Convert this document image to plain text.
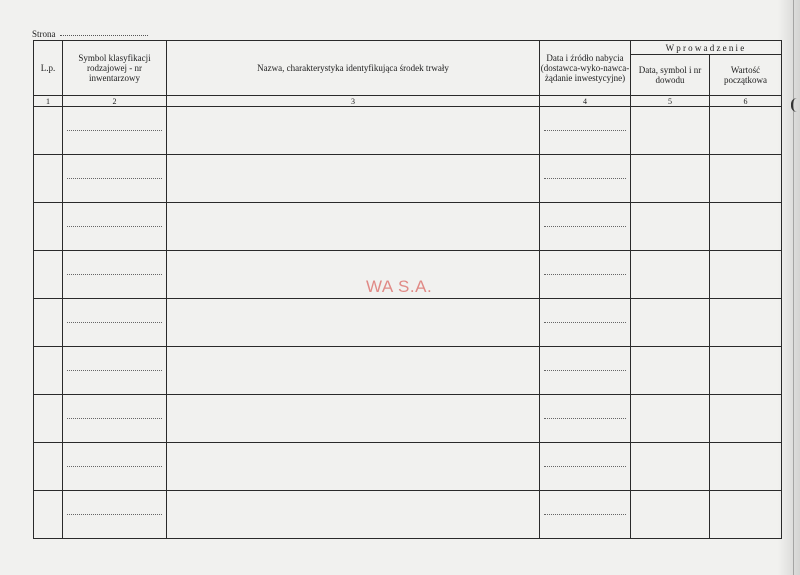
Strona
L.p.	Symbol klasyfikacji rodzajowej - nr inwentarzowy	Nazwa, charakterystyka identyfikująca środek trwały	Data i źródło nabycia (dostawca-wyko-nawca-żądanie inwestycyjne)	Wprowadzenie	

				Data, symbol i nr dowodu	Wartość początkowa
1	2	3	4	5	6

WA S.A.
